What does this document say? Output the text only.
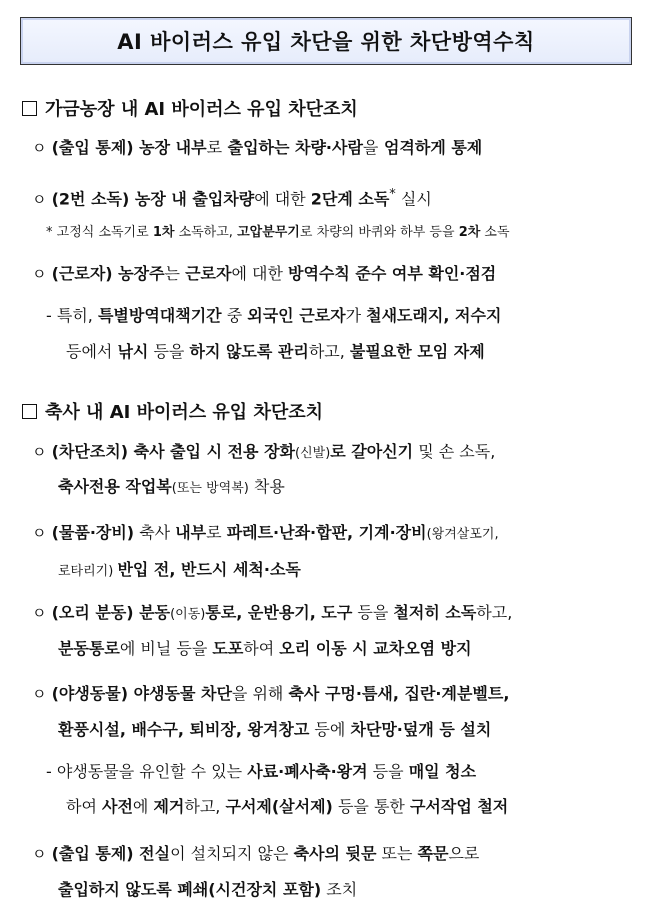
AI 바이러스 유입 차단을 위한 차단방역수칙
가금농장 내 AI 바이러스 유입 차단조치
ㅇ (출입 통제) 농장 내부로 출입하는 차량·사람을 엄격하게 통제
ㅇ (2번 소독) 농장 내 출입차량에 대한 2단계 소독* 실시
* 고정식 소독기로 1차 소독하고, 고압분무기로 차량의 바퀴와 하부 등을 2차 소독
ㅇ (근로자) 농장주는 근로자에 대한 방역수칙 준수 여부 확인·점검
- 특히, 특별방역대책기간 중 외국인 근로자가 철새도래지, 저수지
등에서 낚시 등을 하지 않도록 관리하고, 불필요한 모임 자제
축사 내 AI 바이러스 유입 차단조치
ㅇ (차단조치) 축사 출입 시 전용 장화(신발)로 갈아신기 및 손 소독,
축사전용 작업복(또는 방역복) 착용
ㅇ (물품·장비) 축사 내부로 파레트·난좌·합판, 기계·장비(왕겨살포기,
로타리기) 반입 전, 반드시 세척·소독
ㅇ (오리 분동) 분동(이동)통로, 운반용기, 도구 등을 철저히 소독하고,
분동통로에 비닐 등을 도포하여 오리 이동 시 교차오염 방지
ㅇ (야생동물) 야생동물 차단을 위해 축사 구멍·틈새, 집란·계분벨트,
환풍시설, 배수구, 퇴비장, 왕겨창고 등에 차단망·덮개 등 설치
- 야생동물을 유인할 수 있는 사료·폐사축·왕겨 등을 매일 청소
하여 사전에 제거하고, 구서제(살서제) 등을 통한 구서작업 철저
ㅇ (출입 통제) 전실이 설치되지 않은 축사의 뒷문 또는 쪽문으로
출입하지 않도록 폐쇄(시건장치 포함) 조치
